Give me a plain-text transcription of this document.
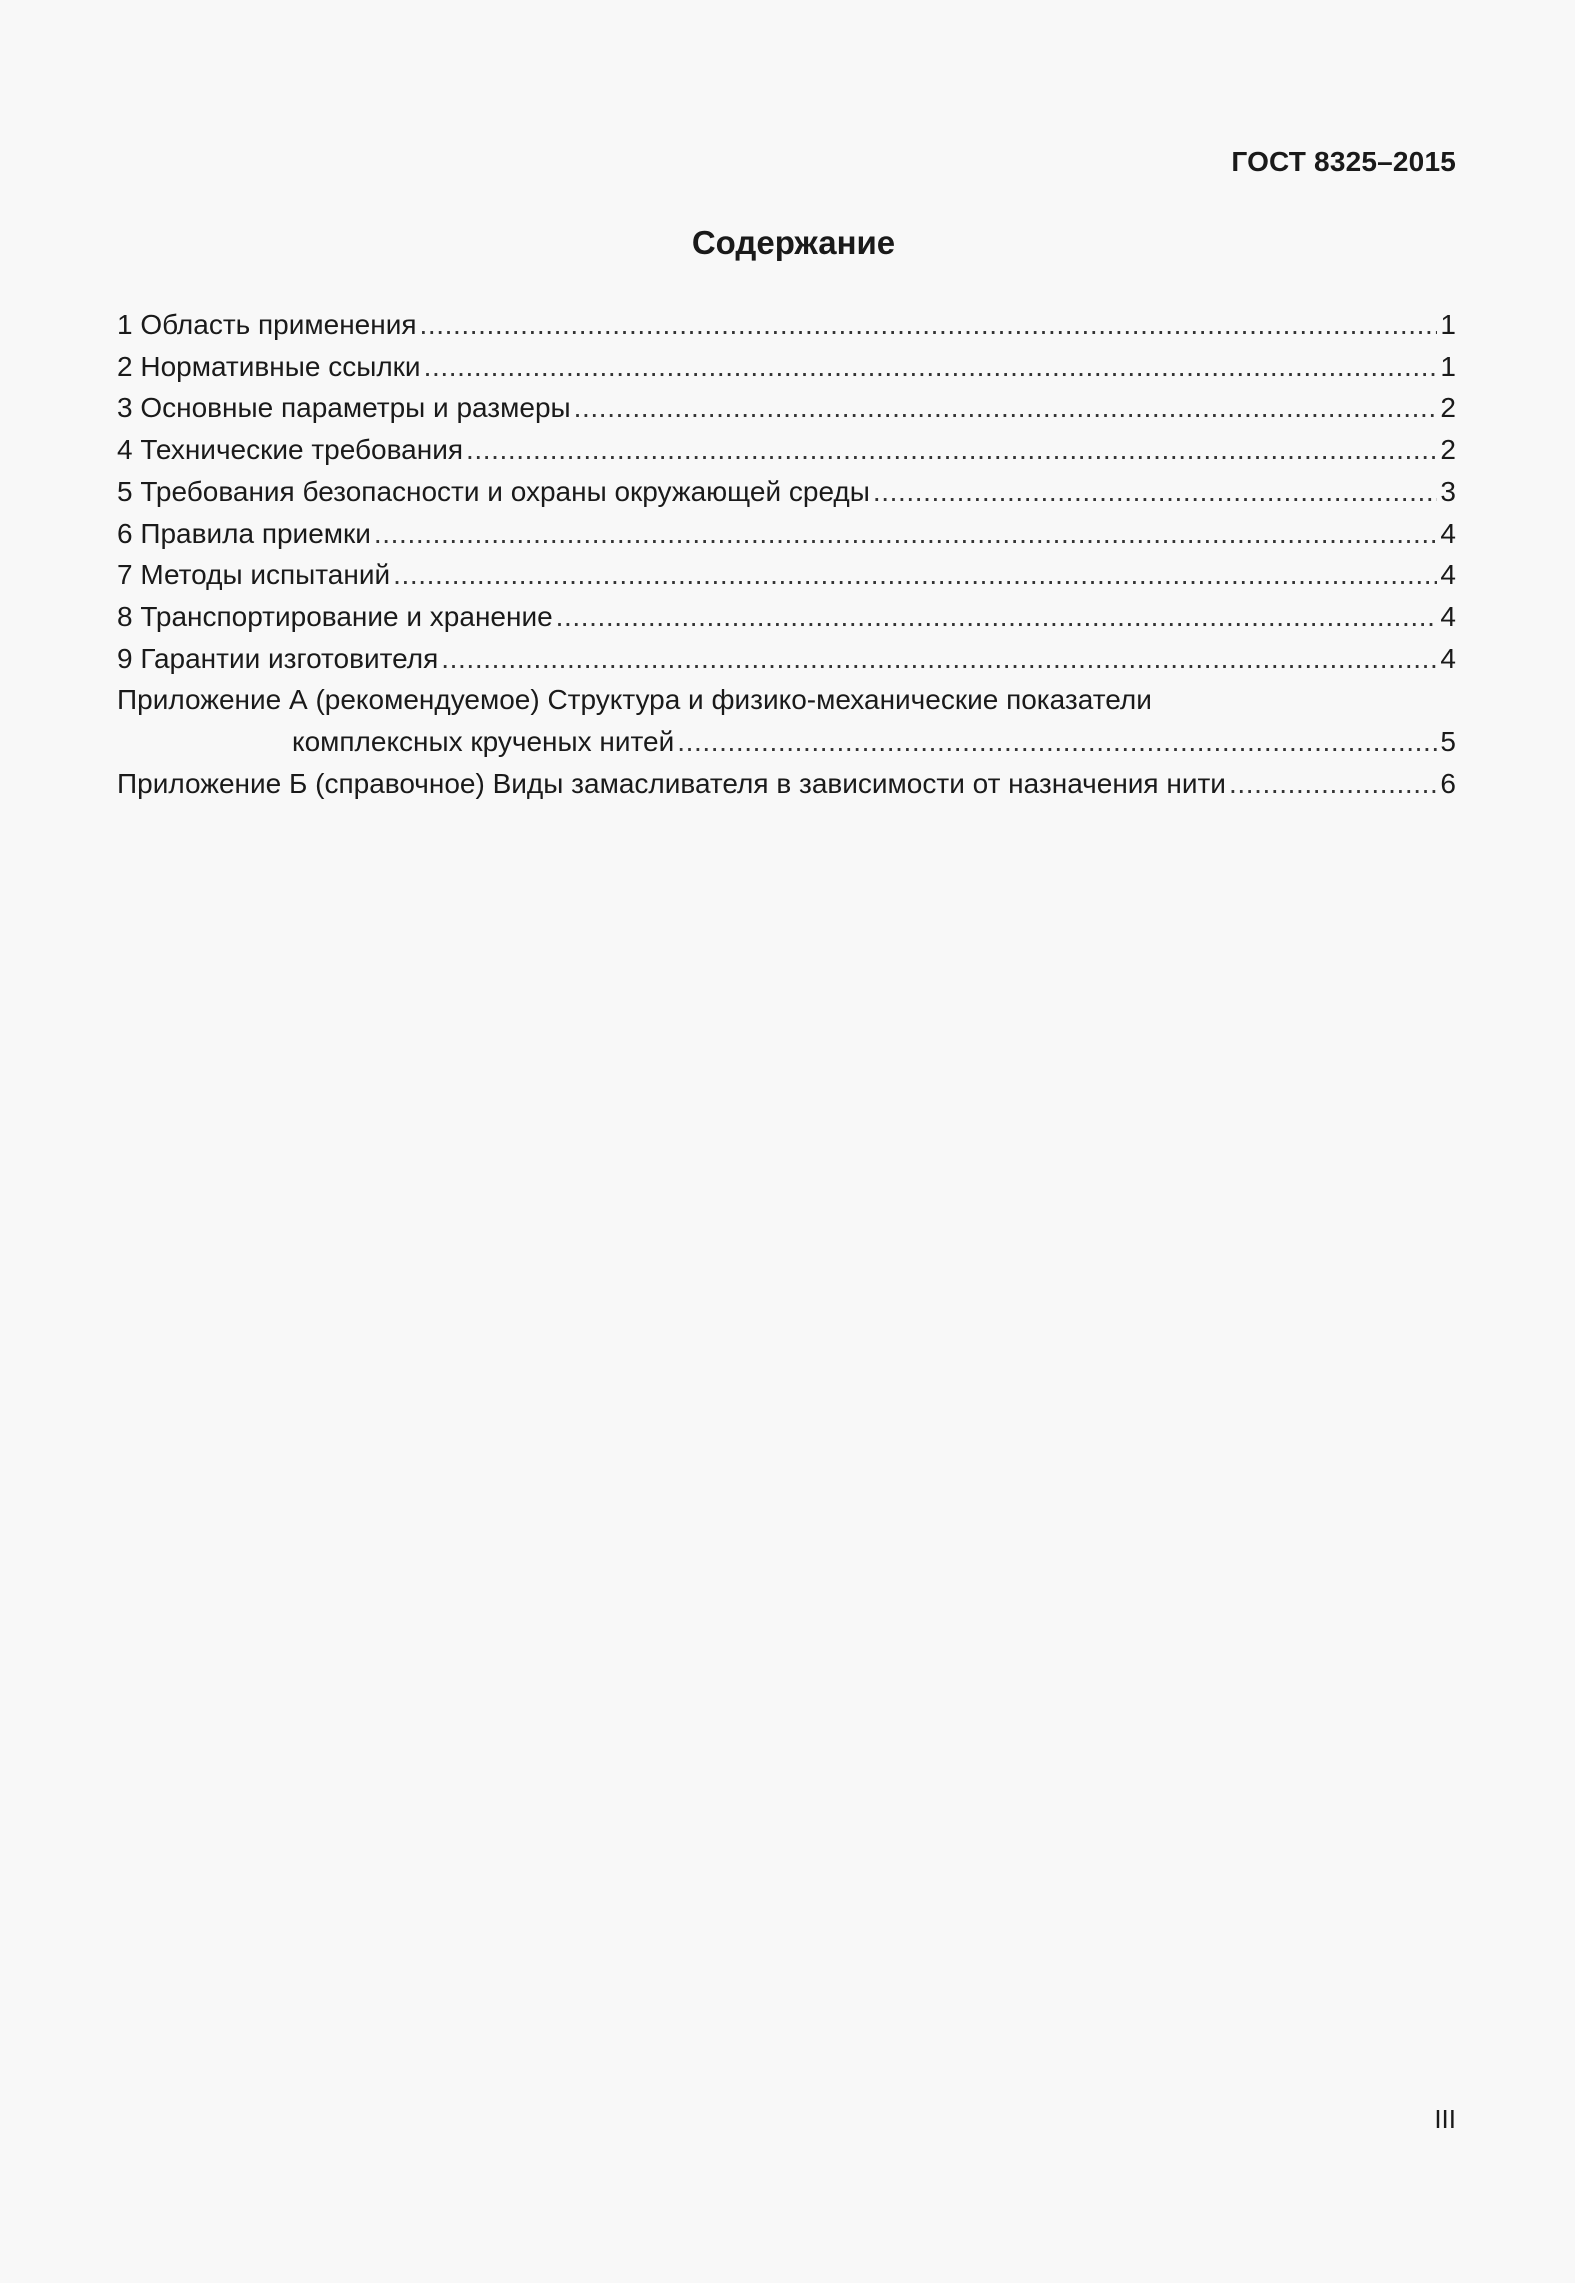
ГОСТ 8325–2015
Содержание
1 Область применения .....	1
2 Нормативные ссылки .....	1
3 Основные параметры и размеры .....	2
4 Технические требования .....	2
5 Требования безопасности и охраны окружающей среды .....	3
6 Правила приемки .....	4
7 Методы испытаний .....	4
8 Транспортирование и хранение .....	4
9 Гарантии изготовителя .....	4
Приложение А (рекомендуемое) Структура и физико-механические показатели
комплексных крученых нитей .....	5
Приложение Б (справочное) Виды замасливателя в зависимости от назначения нити .....	6
III
